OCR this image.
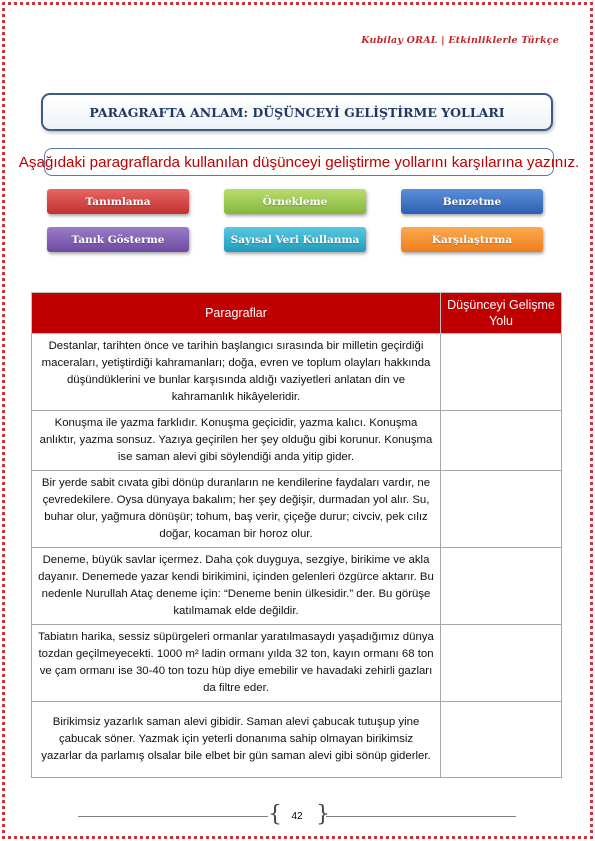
Kubilay ORAL | Etkinliklerle Türkçe
PARAGRAFTA ANLAM: DÜŞÜNCEYİ GELİŞTİRME YOLLARI
Aşağıdaki paragraflarda kullanılan düşünceyi geliştirme yollarını karşılarına yazınız.
Tanımlama	Örnekleme	Benzetme
Tanık Gösterme	Sayısal Veri Kullanma	Karşılaştırma
Paragraflar	Düşünceyi Gelişme Yolu
Destanlar, tarihten önce ve tarihin başlangıcı sırasında bir milletin geçirdiği maceraları, yetiştirdiği kahramanları; doğa, evren ve toplum olayları hakkında düşündüklerini ve bunlar karşısında aldığı vaziyetleri anlatan din ve kahramanlık hikâyeleridir.	
Konuşma ile yazma farklıdır. Konuşma geçicidir, yazma kalıcı. Konuşma anlıktır, yazma sonsuz. Yazıya geçirilen her şey olduğu gibi korunur. Konuşma ise saman alevi gibi söylendiği anda yitip gider.	
Bir yerde sabit cıvata gibi dönüp duranların ne kendilerine faydaları vardır, ne çevredekilere. Oysa dünyaya bakalım; her şey değişir, durmadan yol alır. Su, buhar olur, yağmura dönüşür; tohum, baş verir, çiçeğe durur; civciv, pek cılız doğar, kocaman bir horoz olur.	
Deneme, büyük savlar içermez. Daha çok duyguya, sezgiye, birikime ve akla dayanır. Denemede yazar kendi birikimini, içinden gelenleri özgürce aktarır. Bu nedenle Nurullah Ataç deneme için: “Deneme benin ülkesidir.” der. Bu görüşe katılmamak elde değildir.	
Tabiatın harika, sessiz süpürgeleri ormanlar yaratılmasaydı yaşadığımız dünya tozdan geçilmeyecekti. 1000 m² ladin ormanı yılda 32 ton, kayın ormanı 68 ton ve çam ormanı ise 30-40 ton tozu hüp diye emebilir ve havadaki zehirli gazları da filtre eder.	
Birikimsiz yazarlık saman alevi gibidir. Saman alevi çabucak tutuşup yine çabucak söner. Yazmak için yeterli donanıma sahip olmayan birikimsiz yazarlar da parlamış olsalar bile elbet bir gün saman alevi gibi sönüp giderler.	
{ }
42
